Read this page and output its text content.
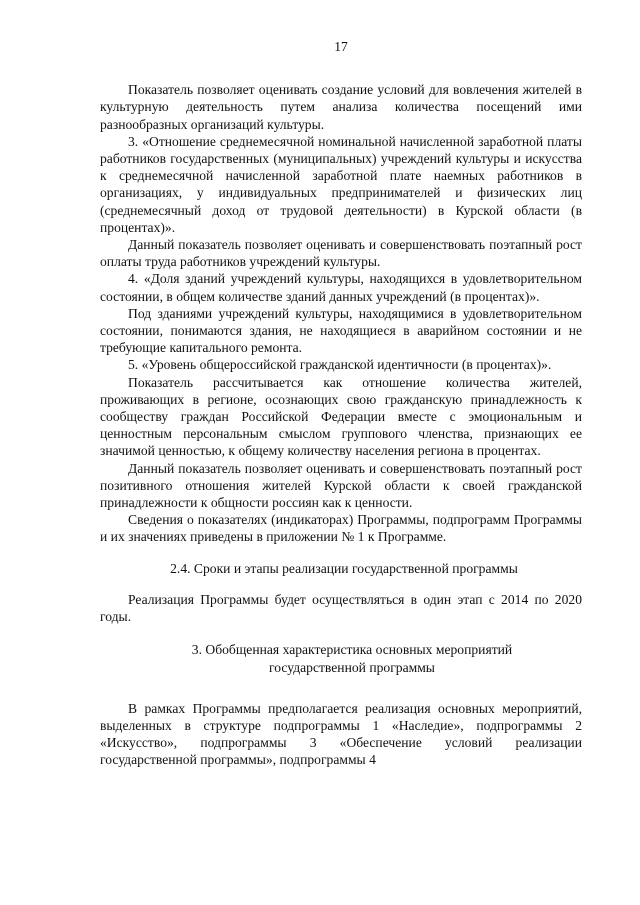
17

Показатель позволяет оценивать создание условий для вовлечения жителей в культурную деятельность путем анализа количества посещений ими разнообразных организаций культуры.

3. «Отношение среднемесячной номинальной начисленной заработной платы работников государственных (муниципальных) учреждений культуры и искусства к среднемесячной начисленной заработной плате наемных работников в организациях, у индивидуальных предпринимателей и физических лиц (среднемесячный доход от трудовой деятельности) в Курской области (в процентах)».

Данный показатель позволяет оценивать и совершенствовать поэтапный рост оплаты труда работников учреждений культуры.

4. «Доля зданий учреждений культуры, находящихся в удовлетворительном состоянии, в общем количестве зданий данных учреждений (в процентах)».

Под зданиями учреждений культуры, находящимися в удовлетворительном состоянии, понимаются здания, не находящиеся в аварийном состоянии и не требующие капитального ремонта.

5. «Уровень общероссийской гражданской идентичности (в процентах)».

Показатель рассчитывается как отношение количества жителей, проживающих в регионе, осознающих свою гражданскую принадлежность к сообществу граждан Российской Федерации вместе с эмоциональным и ценностным персональным смыслом группового членства, признающих ее значимой ценностью, к общему количеству населения региона в процентах.

Данный показатель позволяет оценивать и совершенствовать поэтапный рост позитивного отношения жителей Курской области к своей гражданской принадлежности к общности россиян как к ценности.

Сведения о показателях (индикаторах) Программы, подпрограмм Программы и их значениях приведены в приложении № 1 к Программе.

2.4. Сроки и этапы реализации государственной программы

Реализация Программы будет осуществляться в один этап с 2014 по 2020 годы.

3. Обобщенная характеристика основных мероприятий
государственной программы

В рамках Программы предполагается реализация основных мероприятий, выделенных в структуре подпрограммы 1 «Наследие», подпрограммы 2 «Искусство», подпрограммы 3 «Обеспечение условий реализации государственной программы», подпрограммы 4
